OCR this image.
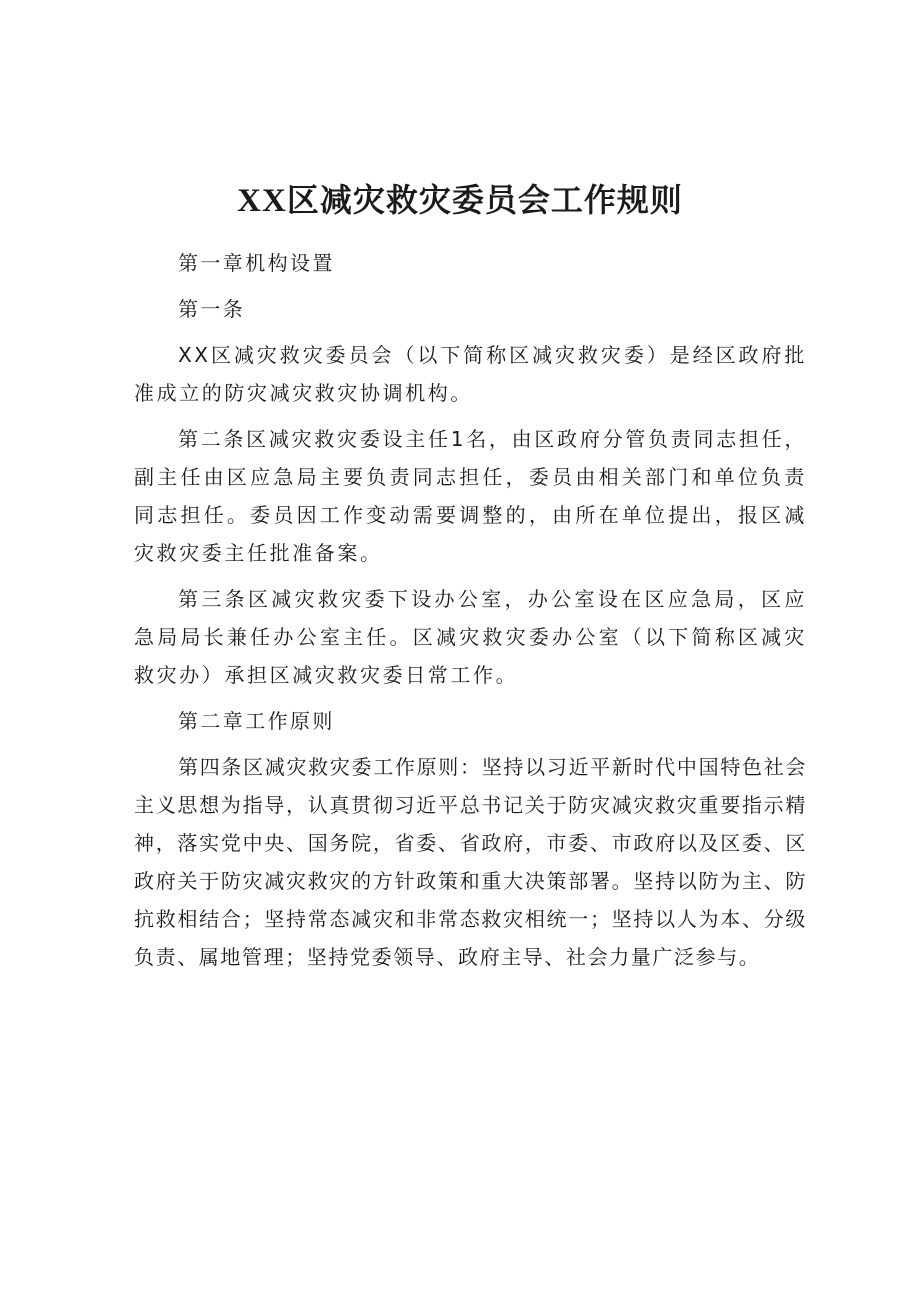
XX区减灾救灾委员会工作规则

第一章机构设置

第一条

XX区减灾救灾委员会（以下简称区减灾救灾委）是经区政府批准成立的防灾减灾救灾协调机构。

第二条区减灾救灾委设主任1名，由区政府分管负责同志担任，副主任由区应急局主要负责同志担任，委员由相关部门和单位负责同志担任。委员因工作变动需要调整的，由所在单位提出，报区减灾救灾委主任批准备案。

第三条区减灾救灾委下设办公室，办公室设在区应急局，区应急局局长兼任办公室主任。区减灾救灾委办公室（以下简称区减灾救灾办）承担区减灾救灾委日常工作。

第二章工作原则

第四条区减灾救灾委工作原则：坚持以习近平新时代中国特色社会主义思想为指导，认真贯彻习近平总书记关于防灾减灾救灾重要指示精神，落实党中央、国务院，省委、省政府，市委、市政府以及区委、区政府关于防灾减灾救灾的方针政策和重大决策部署。坚持以防为主、防抗救相结合；坚持常态减灾和非常态救灾相统一；坚持以人为本、分级负责、属地管理；坚持党委领导、政府主导、社会力量广泛参与。
